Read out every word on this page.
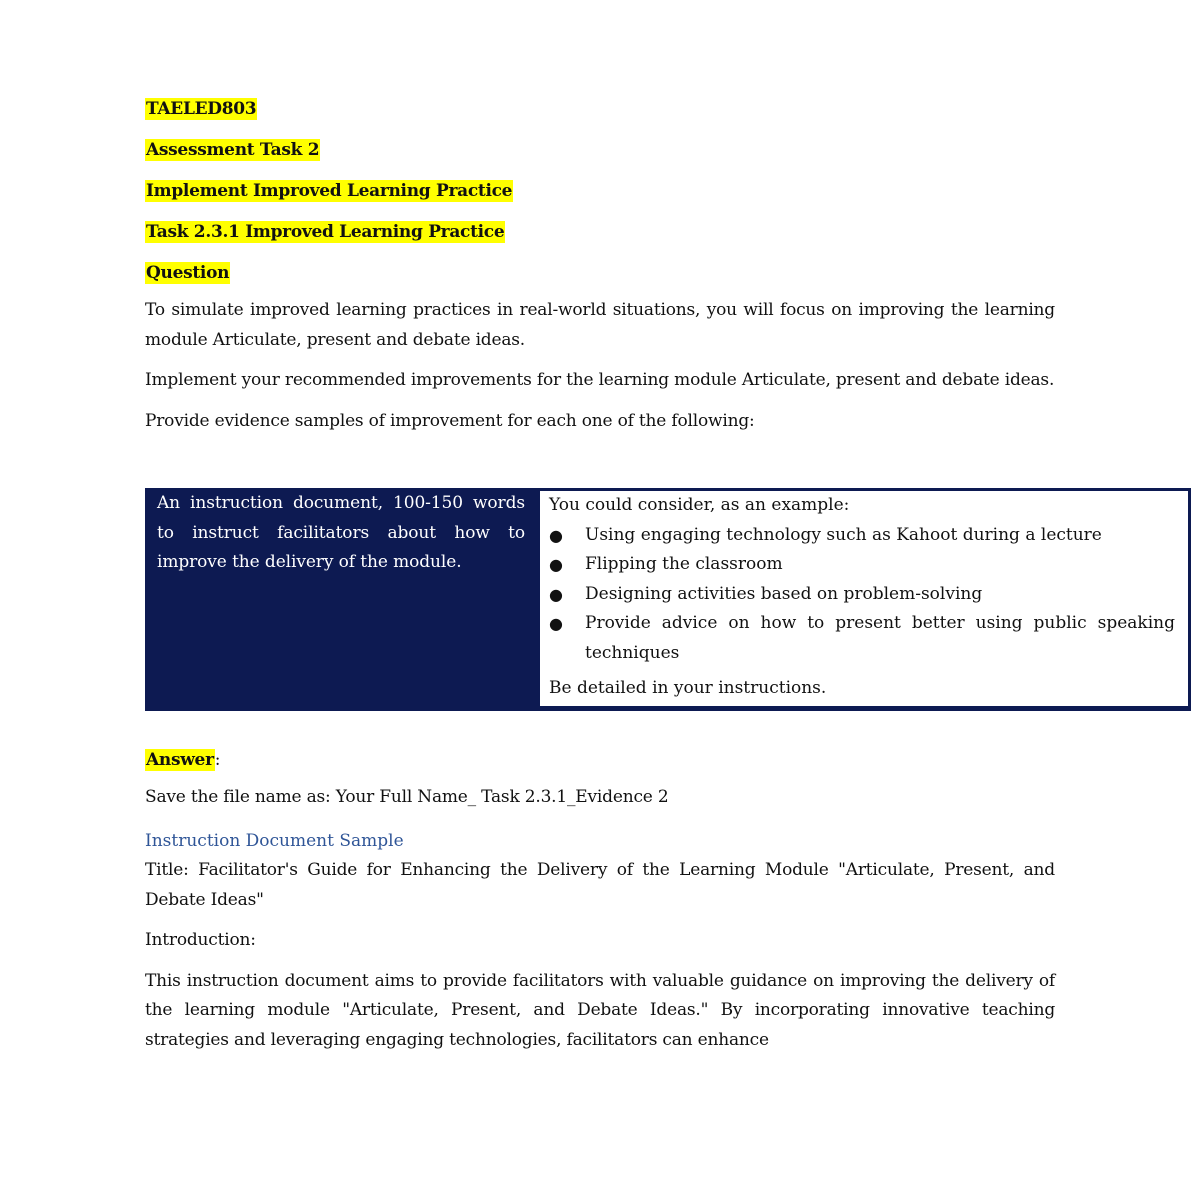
TAELED803
Assessment Task 2
Implement Improved Learning Practice
Task 2.3.1 Improved Learning Practice
Question

To simulate improved learning practices in real-world situations, you will focus on improving the learning module Articulate, present and debate ideas.

Implement your recommended improvements for the learning module Articulate, present and debate ideas.

Provide evidence samples of improvement for each one of the following:

An instruction document, 100-150 words to instruct facilitators about how to improve the delivery of the module.

You could consider, as an example:

● Using engaging technology such as Kahoot during a lecture
● Flipping the classroom
● Designing activities based on problem-solving
● Provide advice on how to present better using public speaking techniques

Be detailed in your instructions.

Answer:

Save the file name as: Your Full Name_ Task 2.3.1_Evidence 2

Instruction Document Sample

Title: Facilitator's Guide for Enhancing the Delivery of the Learning Module "Articulate, Present, and Debate Ideas"

Introduction:

This instruction document aims to provide facilitators with valuable guidance on improving the delivery of the learning module "Articulate, Present, and Debate Ideas." By incorporating innovative teaching strategies and leveraging engaging technologies, facilitators can enhance
